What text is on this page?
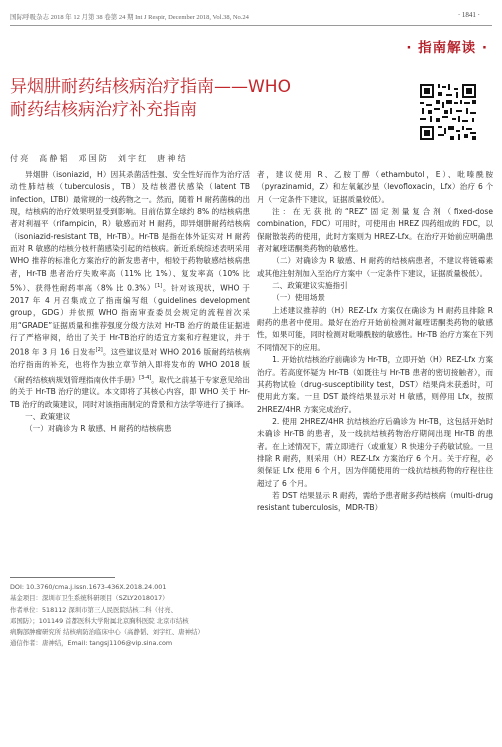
国际呼吸杂志 2018 年 12 月第 38 卷第 24 期 Int J Respir, December 2018, Vol.38, No.24	· 1841 ·
· 指南解读 ·
异烟肼耐药结核病治疗指南——WHO
耐药结核病治疗补充指南
付亮 高静韬 邓国防 刘宇红 唐神结

异烟肼（isoniazid，H）因其杀菌活性强、安全性好而作为治疗活动性肺结核（tuberculosis，TB）及结核潜伏感染（latent TB infection，LTBI）最常规的一线药物之一。然而，随着 H 耐药菌株的出现，结核病的治疗效果明显受到影响。目前估算全球约 8% 的结核病患者对利福平（rifampicin，R）敏感而对 H 耐药，即异烟肼耐药结核病（isoniazid-resistant TB，Hr-TB）。Hr-TB 是指在体外证实对 H 耐药而对 R 敏感的结核分枝杆菌感染引起的结核病。新近系统综述表明采用 WHO 推荐的标准化方案治疗的新发患者中，相较于药物敏感结核病患者，Hr-TB 患者治疗失败率高（11% 比 1%）、复发率高（10% 比 5%）、获得性耐药率高（8% 比 0.3%）[1]。针对该现状，WHO 于 2017 年 4 月召集成立了指南编写组（guidelines development group，GDG）并依照 WHO 指南审查委员会规定的流程首次采用“GRADE”证据质量和推荐强度分级方法对 Hr-TB 治疗的最佳证据进行了严格审阅，给出了关于 Hr-TB治疗的适宜方案和疗程建议，并于 2018 年 3 月 16 日发布[2]。这些建议是对 WHO 2016 版耐药结核病治疗指南的补充，也将作为独立章节纳入即将发布的 WHO 2018 版《耐药结核病规划管理指南伙伴手册》[3-4]。取代之前基于专家意见给出的关于 Hr-TB 治疗的建议。本文即将了其核心内容，即 WHO 关于 Hr-TB 治疗的政策建议，同时对该指南制定的背景和方法学等进行了摘译。

一、政策建议

（一）对确诊为 R 敏感、H 耐药的结核病患

DOI: 10.3760/cma.j.issn.1673-436X.2018.24.001
基金项目：深圳市卫生系统科研项目（SZLY2018017）
作者单位：518112 深圳市第三人民医院结核二科（付亮、
邓国防）；101149 首都医科大学附属北京胸科医院 北京市结核
病胸部肿瘤研究所 结核病防治临床中心（高静韬、刘宇红、唐神结）
通信作者：唐神结，Email: tangsj1106@vip.sina.com

者，建议使用 R、乙胺丁醇（ethambutol，E）、吡嗪酰胺（pyrazinamid，Z）和左氧氟沙星（levofloxacin，Lfx）治疗 6 个月（一定条件下建议，证据质量较低）。

注：在无获批的“REZ”固定剂量复合剂（fixed-dose combination，FDC）可用时，可使用由 HREZ 四药组成的 FDC，以保耐散装药的使用，此时方案则为 HREZ-Lfx。在治疗开始前应明确患者对氟喹诺酮类药物的敏感性。

（二）对确诊为 R 敏感、H 耐药的结核病患者，不建议将链霉素或其他注射剂加入至治疗方案中（一定条件下建议，证据质量极低）。

二、政策建议实施指引

（一）使用场景

上述建议推荐的（H）REZ-Lfx 方案仅在确诊为 H 耐药且排除 R 耐药的患者中使用。最好在治疗开始前检测对氟喹诺酮类药物的敏感性，如果可能，同时检测对吡嗪酰胺的敏感性。Hr-TB 治疗方案在下列不同情况下的应用。

1. 开始抗结核治疗前确诊为 Hr-TB，立即开始（H）REZ-Lfx 方案治疗。若高度怀疑为 Hr-TB（如既往与 Hr-TB 患者的密切接触者），而其药物试验（drug-susceptibility test，DST）结果尚未获悉时，可使用此方案。一旦 DST 最终结果显示对 H 敏感，则停用 Lfx，按照 2HREZ/4HR 方案完成治疗。

2. 使用 2HREZ/4HR 抗结核治疗后确诊为 Hr-TB，这包括开始时未确诊 Hr-TB 的患者，及一线抗结核药物治疗期间出现 Hr-TB 的患者。在上述情况下，需立即进行（或重复）R 快速分子药敏试验。一旦排除 R 耐药，则采用（H）REZ-Lfx 方案治疗 6 个月。关于疗程，必须保证 Lfx 使用 6 个月，因为伴随使用的一线抗结核药物的疗程往往超过了 6 个月。

若 DST 结果显示 R 耐药，需给予患者耐多药结核病（multi-drug resistant tuberculosis，MDR-TB）
